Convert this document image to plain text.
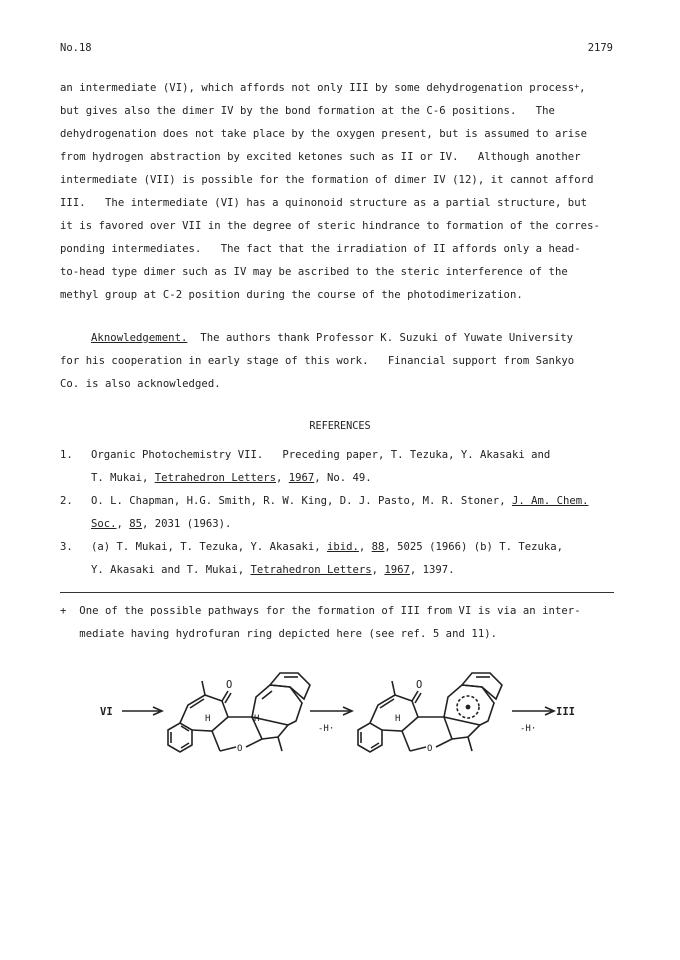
No.18	2179
an intermediate (VI), which affords not only III by some dehydrogenation process+,
but gives also the dimer IV by the bond formation at the C-6 positions.   The
dehydrogenation does not take place by the oxygen present, but is assumed to arise
from hydrogen abstraction by excited ketones such as II or IV.   Although another
intermediate (VII) is possible for the formation of dimer IV (12), it cannot afford
III.   The intermediate (VI) has a quinonoid structure as a partial structure, but
it is favored over VII in the degree of steric hindrance to formation of the corres-
ponding intermediates.   The fact that the irradiation of II affords only a head-
to-head type dimer such as IV may be ascribed to the steric interference of the
methyl group at C-2 position during the course of the photodimerization.
Aknowledgement.  The authors thank Professor K. Suzuki of Yuwate University
for his cooperation in early stage of this work.   Financial support from Sankyo
Co. is also acknowledged.
REFERENCES
1. Organic Photochemistry VII.   Preceding paper, T. Tezuka, Y. Akasaki and
T. Mukai, Tetrahedron Letters, 1967, No. 49.
2. O. L. Chapman, H.G. Smith, R. W. King, D. J. Pasto, M. R. Stoner, J. Am. Chem.
Soc., 85, 2031 (1963).
3. (a) T. Mukai, T. Tezuka, Y. Akasaki, ibid., 88, 5025 (1966) (b) T. Tezuka,
Y. Akasaki and T. Mukai, Tetrahedron Letters, 1967, 1397.
+  One of the possible pathways for the formation of III from VI is via an inter-
mediate having hydrofuran ring depicted here (see ref. 5 and 11).
VI
O
H	H
O
-H·
O
H
O
III
-H·
